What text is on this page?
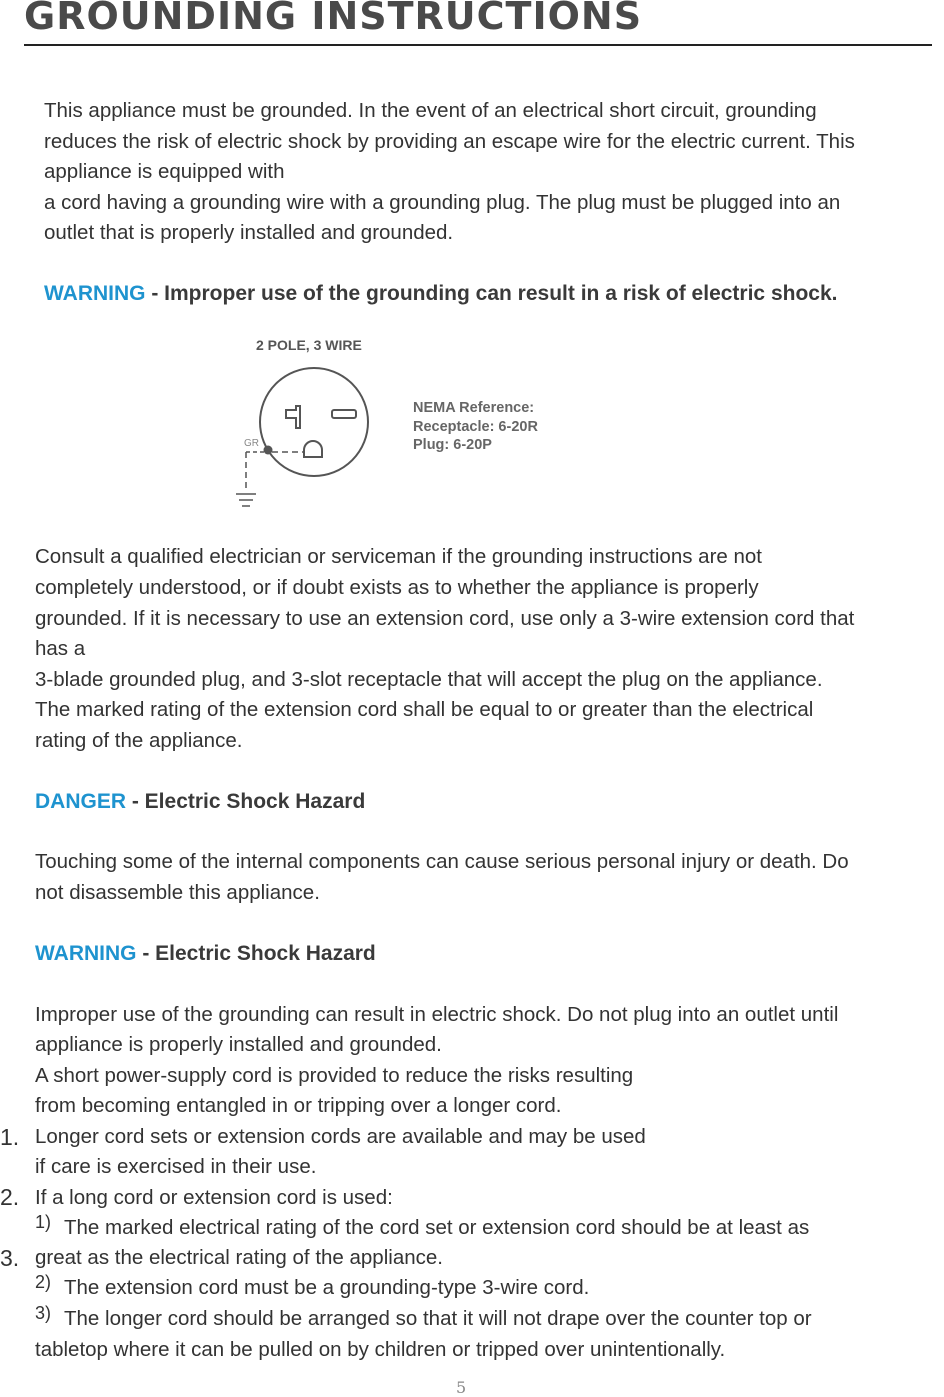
GROUNDING INSTRUCTIONS
This appliance must be grounded. In the event of an electrical short circuit, grounding
reduces the risk of electric shock by providing an escape wire for the electric current. This
appliance is equipped with
a cord having a grounding wire with a grounding plug. The plug must be plugged into an
outlet that is properly installed and grounded.
WARNING - Improper use of the grounding can result in a risk of electric shock.
2 POLE, 3 WIRE
GR
NEMA Reference:
Receptacle: 6-20R
Plug: 6-20P
Consult a qualified electrician or serviceman if the grounding instructions are not
completely understood, or if doubt exists as to whether the appliance is properly
grounded. If it is necessary to use an extension cord, use only a 3-wire extension cord that
has a
3-blade grounded plug, and 3-slot receptacle that will accept the plug on the appliance.
The marked rating of the extension cord shall be equal to or greater than the electrical
rating of the appliance.
DANGER - Electric Shock Hazard
Touching some of the internal components can cause serious personal injury or death. Do
not disassemble this appliance.
WARNING - Electric Shock Hazard
Improper use of the grounding can result in electric shock. Do not plug into an outlet until
appliance is properly installed and grounded.
A short power-supply cord is provided to reduce the risks resulting
from becoming entangled in or tripping over a longer cord.
Longer cord sets or extension cords are available and may be used
if care is exercised in their use.
If a long cord or extension cord is used:
The marked electrical rating of the cord set or extension cord should be at least as
great as the electrical rating of the appliance.
The extension cord must be a grounding-type 3-wire cord.
The longer cord should be arranged so that it will not drape over the counter top or
tabletop where it can be pulled on by children or tripped over unintentionally.
1.
2.
3.
1)
2)
3)
5
